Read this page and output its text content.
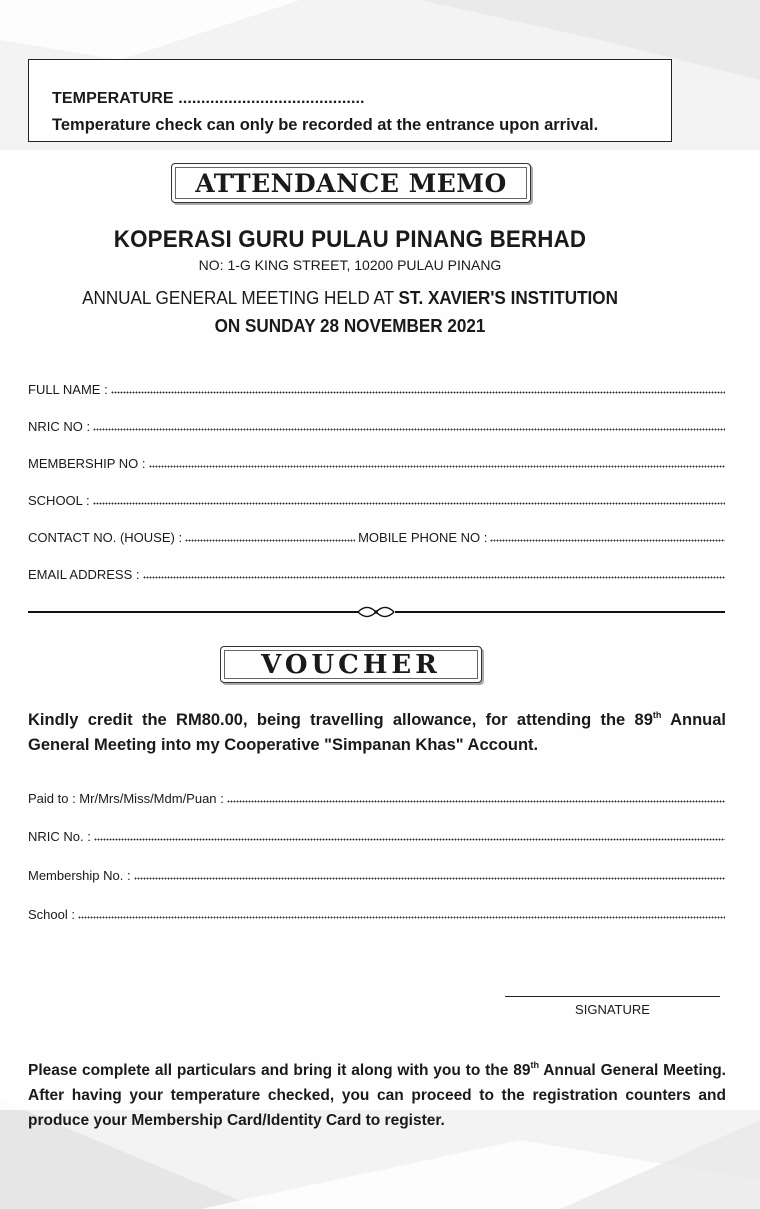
TEMPERATURE .........................................
Temperature check can only be recorded at the entrance upon arrival.
ATTENDANCE MEMO
KOPERASI GURU PULAU PINANG BERHAD
NO: 1-G KING STREET, 10200 PULAU PINANG
ANNUAL GENERAL MEETING HELD AT ST. XAVIER'S INSTITUTION
ON SUNDAY 28 NOVEMBER 2021
FULL NAME :
NRIC NO :
MEMBERSHIP NO :
SCHOOL :
CONTACT NO. (HOUSE) :	MOBILE PHONE NO :
EMAIL ADDRESS :
VOUCHER
Kindly credit the RM80.00, being travelling allowance, for attending the 89th Annual General Meeting into my Cooperative "Simpanan Khas" Account.
Paid to : Mr/Mrs/Miss/Mdm/Puan :
NRIC No. :
Membership No. :
School :
SIGNATURE
Please complete all particulars and bring it along with you to the 89th Annual General Meeting. After having your temperature checked, you can proceed to the registration counters and produce your Membership Card/Identity Card to register.
